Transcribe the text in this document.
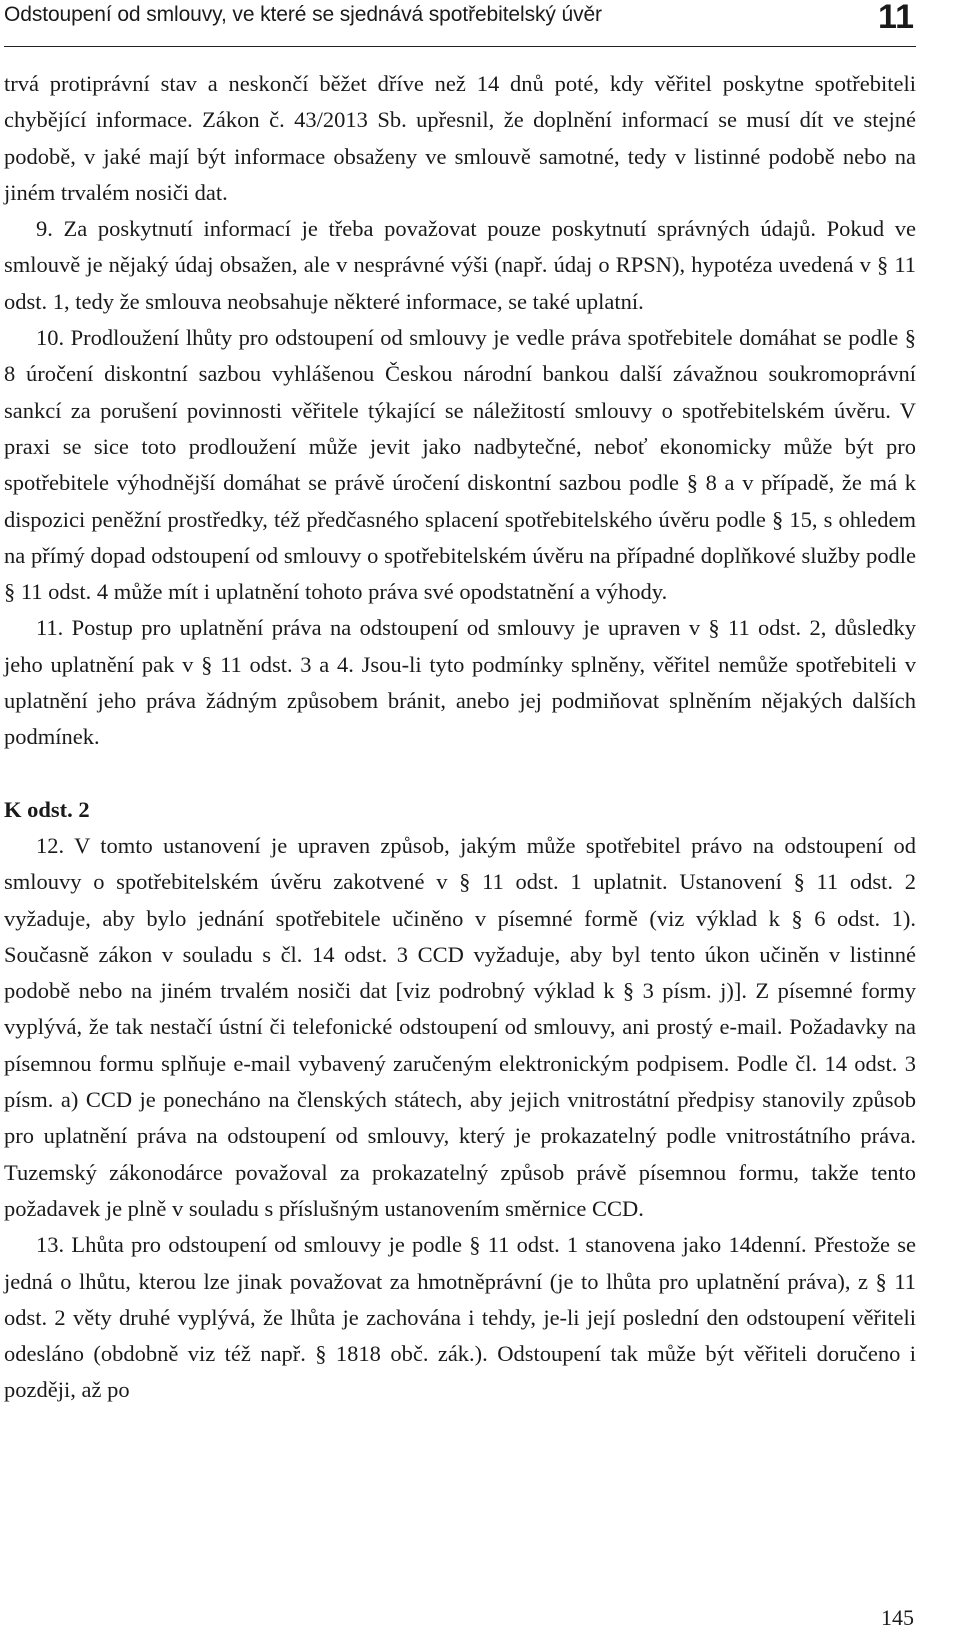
Odstoupení od smlouvy, ve které se sjednává spotřebitelský úvěr	11

trvá protiprávní stav a neskončí běžet dříve než 14 dnů poté, kdy věřitel poskytne spotřebiteli chybějící informace. Zákon č. 43/2013 Sb. upřesnil, že doplnění informací se musí dít ve stejné podobě, v jaké mají být informace obsaženy ve smlouvě samotné, tedy v listinné podobě nebo na jiném trvalém nosiči dat.

9. Za poskytnutí informací je třeba považovat pouze poskytnutí správných údajů. Pokud ve smlouvě je nějaký údaj obsažen, ale v nesprávné výši (např. údaj o RPSN), hypotéza uvedená v § 11 odst. 1, tedy že smlouva neobsahuje některé informace, se také uplatní.

10. Prodloužení lhůty pro odstoupení od smlouvy je vedle práva spotřebitele domáhat se podle § 8 úročení diskontní sazbou vyhlášenou Českou národní bankou další závažnou soukromoprávní sankcí za porušení povinnosti věřitele týkající se náležitostí smlouvy o spotřebitelském úvěru. V praxi se sice toto prodloužení může jevit jako nadbytečné, neboť ekonomicky může být pro spotřebitele výhodnější domáhat se právě úročení diskontní sazbou podle § 8 a v případě, že má k dispozici peněžní prostředky, též předčasného splacení spotřebitelského úvěru podle § 15, s ohledem na přímý dopad odstoupení od smlouvy o spotřebitelském úvěru na případné doplňkové služby podle § 11 odst. 4 může mít i uplatnění tohoto práva své opodstatnění a výhody.

11. Postup pro uplatnění práva na odstoupení od smlouvy je upraven v § 11 odst. 2, důsledky jeho uplatnění pak v § 11 odst. 3 a 4. Jsou-li tyto podmínky splněny, věřitel nemůže spotřebiteli v uplatnění jeho práva žádným způsobem bránit, anebo jej podmiňovat splněním nějakých dalších podmínek.

K odst. 2

12. V tomto ustanovení je upraven způsob, jakým může spotřebitel právo na odstoupení od smlouvy o spotřebitelském úvěru zakotvené v § 11 odst. 1 uplatnit. Ustanovení § 11 odst. 2 vyžaduje, aby bylo jednání spotřebitele učiněno v písemné formě (viz výklad k § 6 odst. 1). Současně zákon v souladu s čl. 14 odst. 3 CCD vyžaduje, aby byl tento úkon učiněn v listinné podobě nebo na jiném trvalém nosiči dat [viz podrobný výklad k § 3 písm. j)]. Z písemné formy vyplývá, že tak nestačí ústní či telefonické odstoupení od smlouvy, ani prostý e-mail. Požadavky na písemnou formu splňuje e-mail vybavený zaručeným elektronickým podpisem. Podle čl. 14 odst. 3 písm. a) CCD je ponecháno na členských státech, aby jejich vnitrostátní předpisy stanovily způsob pro uplatnění práva na odstoupení od smlouvy, který je prokazatelný podle vnitrostátního práva. Tuzemský zákonodárce považoval za prokazatelný způsob právě písemnou formu, takže tento požadavek je plně v souladu s příslušným ustanovením směrnice CCD.

13. Lhůta pro odstoupení od smlouvy je podle § 11 odst. 1 stanovena jako 14denní. Přestože se jedná o lhůtu, kterou lze jinak považovat za hmotněprávní (je to lhůta pro uplatnění práva), z § 11 odst. 2 věty druhé vyplývá, že lhůta je zachována i tehdy, je-li její poslední den odstoupení věřiteli odesláno (obdobně viz též např. § 1818 obč. zák.). Odstoupení tak může být věřiteli doručeno i později, až po

145
